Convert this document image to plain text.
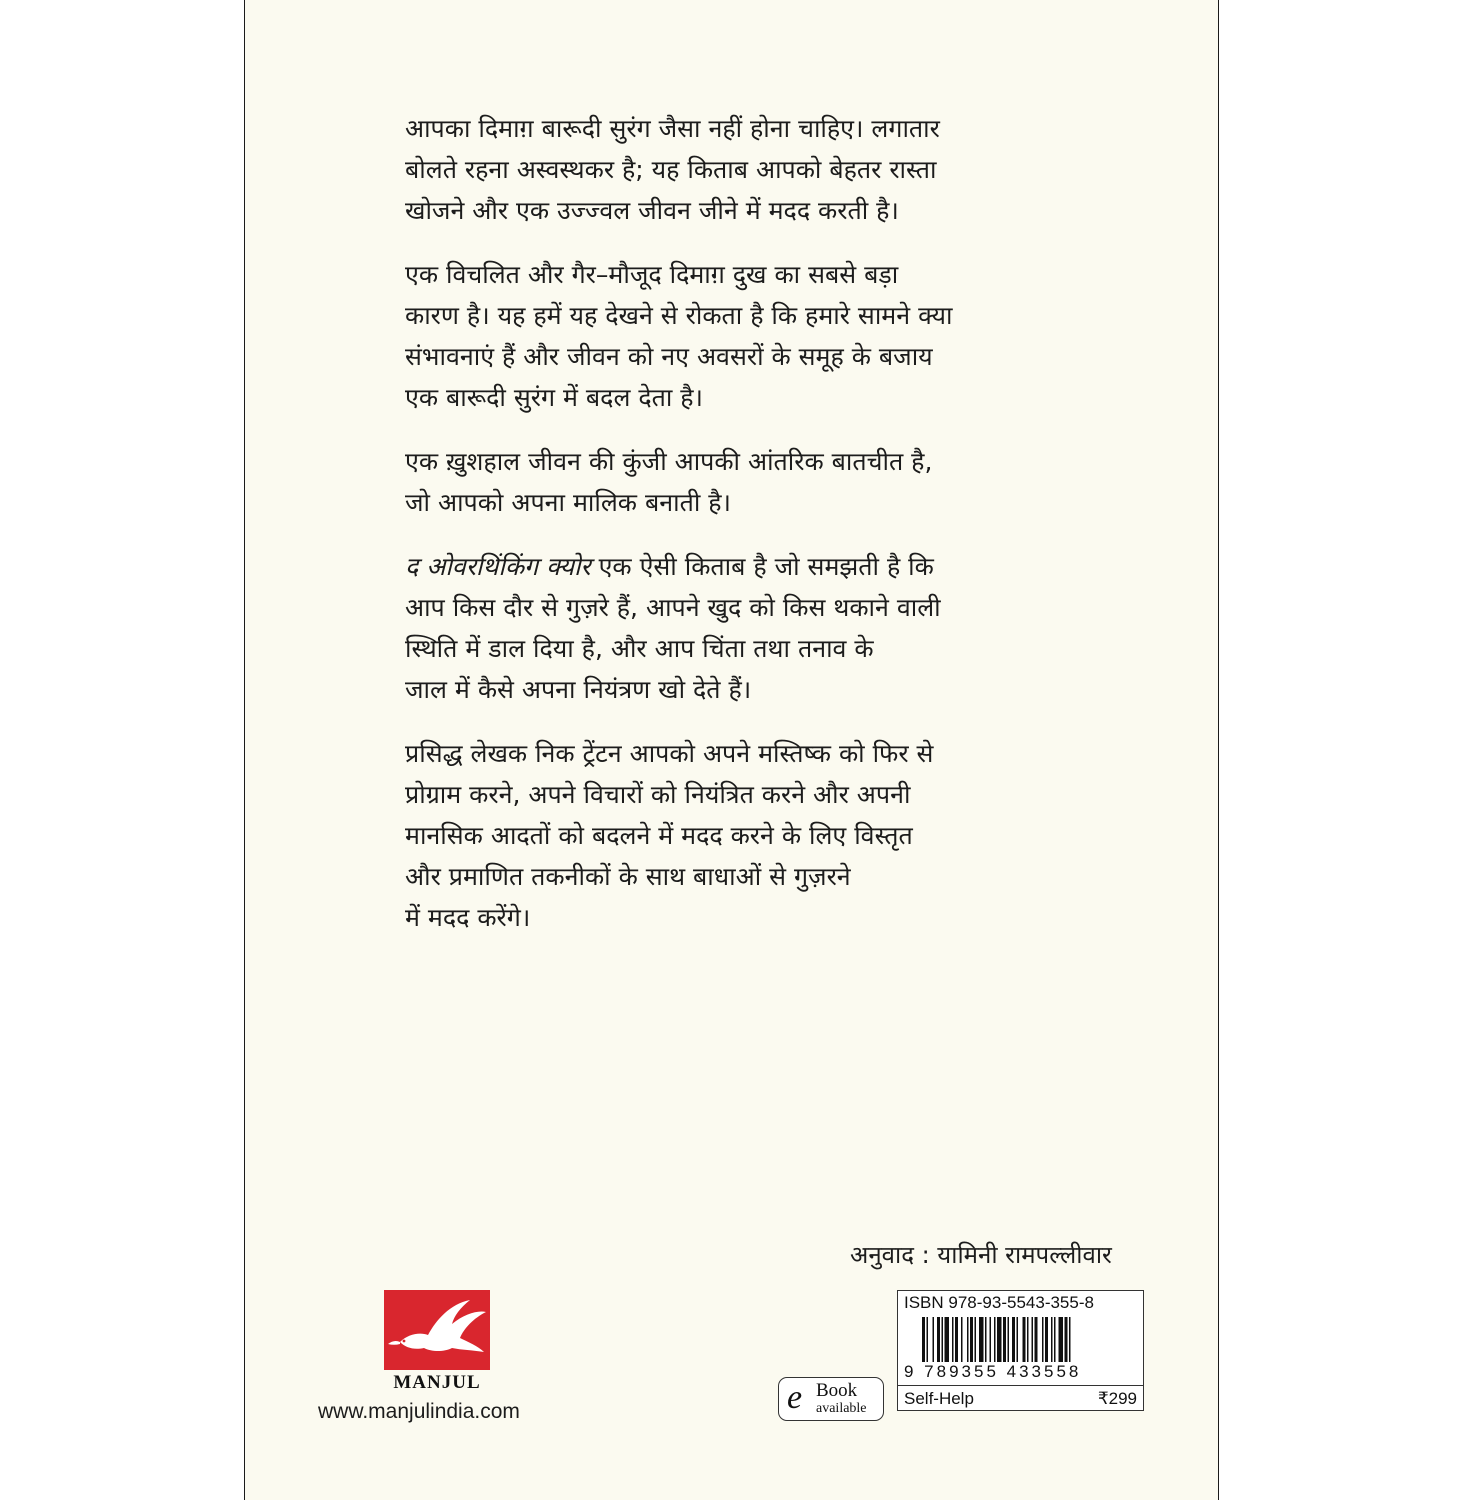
आपका दिमाग़ बारूदी सुरंग जैसा नहीं होना चाहिए। लगातार
बोलते रहना अस्वस्थकर है; यह किताब आपको बेहतर रास्ता
खोजने और एक उज्ज्वल जीवन जीने में मदद करती है।

एक विचलित और गैर–मौजूद दिमाग़ दुख का सबसे बड़ा
कारण है। यह हमें यह देखने से रोकता है कि हमारे सामने क्या
संभावनाएं हैं और जीवन को नए अवसरों के समूह के बजाय
एक बारूदी सुरंग में बदल देता है।

एक ख़ुशहाल जीवन की कुंजी आपकी आंतरिक बातचीत है,
जो आपको अपना मालिक बनाती है।

द ओवरथिंकिंग क्योर एक ऐसी किताब है जो समझती है कि
आप किस दौर से गुज़रे हैं, आपने खुद को किस थकाने वाली
स्थिति में डाल दिया है, और आप चिंता तथा तनाव के
जाल में कैसे अपना नियंत्रण खो देते हैं।

प्रसिद्ध लेखक निक ट्रेंटन आपको अपने मस्तिष्क को फिर से
प्रोग्राम करने, अपने विचारों को नियंत्रित करने और अपनी
मानसिक आदतों को बदलने में मदद करने के लिए विस्तृत
और प्रमाणित तकनीकों के साथ बाधाओं से गुज़रने
में मदद करेंगे।

अनुवाद : यामिनी रामपल्लीवार
MANJUL
www.manjulindia.com	e Book
available
ISBN 978-93-5543-355-8
9 789355 433558
Self-Help	₹299
